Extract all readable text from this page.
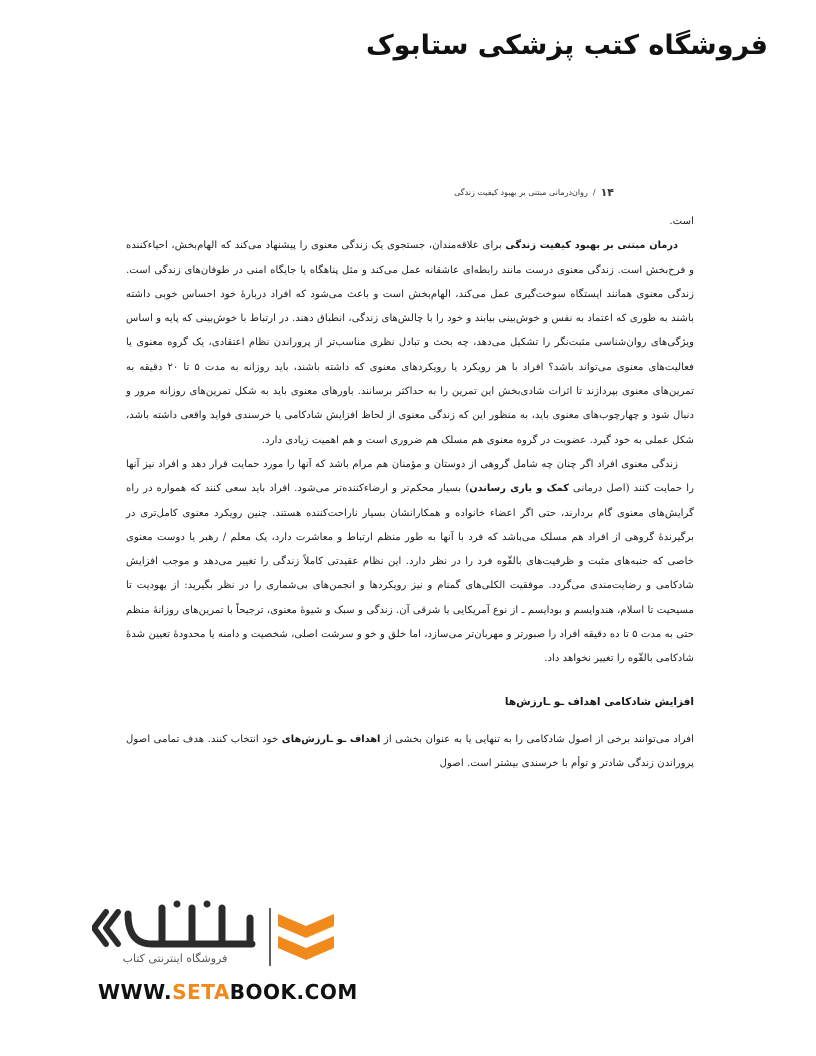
فروشگاه کتب پزشکی ستابوک
۱۴
/
روان‌درمانی مبتنی بر بهبود کیفیت زندگی

است.

درمان مبتنی بر بهبود کیفیت زندگی برای علاقه‌مندان، جستجوی یک زندگی معنوی را پیشنهاد می‌کند که الهام‌بخش، احیاءکننده و فرح‌بخش است. زندگی معنوی درست مانند رابطه‌ای عاشقانه عمل می‌کند و مثل پناهگاه یا جایگاه امنی در طوفان‌های زندگی است. زندگی معنوی همانند ایستگاه سوخت‌گیری عمل می‌کند، الهام‌بخش است و باعث می‌شود که افراد دربارهٔ خود احساس خوبی داشته باشند به طوری که اعتماد به نفس و خوش‌بینی بیابند و خود را با چالش‌های زندگی، انطباق دهند. در ارتباط با خوش‌بینی که پایه و اساس ویژگی‌های روان‌شناسی مثبت‌نگر را تشکیل می‌دهد، چه بحث و تبادل نظری مناسب‌تر از پروراندن نظام اعتقادی، یک گروه معنوی یا فعالیت‌های معنوی می‌تواند باشد؟ افراد با هر رویکرد یا رویکردهای معنوی که داشته باشند، باید روزانه به مدت ۵ تا ۲۰ دقیقه به تمرین‌های معنوی بپردازند تا اثرات شادی‌بخش این تمرین را به حداکثر برسانند. باورهای معنوی باید به شکل تمرین‌های روزانه مرور و دنبال شود و چهارچوب‌های معنوی باید، به منظور این که زندگی معنوی از لحاظ افزایش شادکامی یا خرسندی فواید واقعی داشته باشد، شکل عملی به خود گیرد. عضویت در گروه معنوی هم مسلک هم ضروری است و هم اهمیت زیادی دارد.

زندگی معنوی افراد اگر چنان چه شامل گروهی از دوستان و مؤمنان هم مرام باشد که آنها را مورد حمایت قرار دهد و افراد نیز آنها را حمایت کنند (اصل درمانی کمک و یاری رساندن) بسیار محکم‌تر و ارضاءکننده‌تر می‌شود. افراد باید سعی کنند که همواره در راه گرایش‌های معنوی گام بردارند، حتی اگر اعضاء خانواده و همکارانشان بسیار ناراحت‌کننده هستند. چنین رویکرد معنوی کامل‌تری در برگیرندهٔ گروهی از افراد هم مسلک می‌باشد که فرد با آنها به طور منظم ارتباط و معاشرت دارد، یک معلم / رهبر یا دوست معنوی خاصی که جنبه‌های مثبت و ظرفیت‌های بالقّوه فرد را در نظر دارد. این نظام عقیدتی کاملاً زندگی را تغییر می‌دهد و موجب افزایش شادکامی و رضایت‌مندی می‌گردد. موفقیت الکلی‌های گمنام و نیز رویکردها و انجمن‌های بی‌شماری را در نظر بگیرید: از یهودیت تا مسیحیت تا اسلام، هندوایسم و بودایسم ـ از نوع آمریکایی یا شرقی آن. زندگی و سبک و شیوهٔ معنوی، ترجیحاً با تمرین‌های روزانهٔ منظم حتی به مدت ۵ تا ده دقیقه افراد را صبورتر و مهربان‌تر می‌سازد، اما خلق و خو و سرشت اصلی، شخصیت و دامنه یا محدودهٔ تعیین شدهٔ شادکامی بالقّوه را تغییر نخواهد داد.

افزایش شادکامی اهداف ـو ـارزش‌ها

افراد می‌توانند برخی از اصول شادکامی را به تنهایی یا به عنوان بخشی از اهداف ـو ـارزش‌های خود انتخاب کنند. هدف تمامی اصول پروراندن زندگی شادتر و توأم با خرسندی بیشتر است. اصول

فروشگاه اینترنتی کتاب
WWW.SETABOOK.COM
